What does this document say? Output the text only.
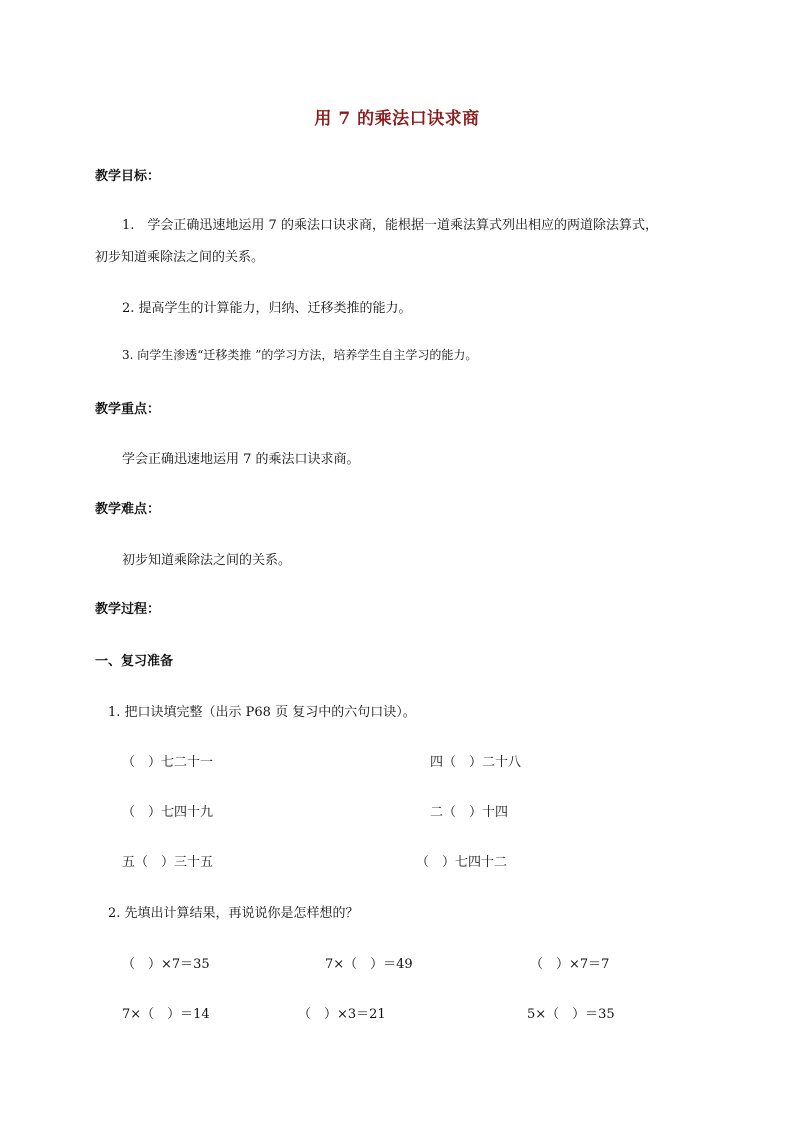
用 7 的乘法口诀求商
教学目标：
1.　学会正确迅速地运用 7 的乘法口诀求商，能根据一道乘法算式列出相应的两道除法算式，
初步知道乘除法之间的关系。
2. 提高学生的计算能力，归纳、迁移类推的能力。
3. 向学生渗透“迁移类推 ”的学习方法，培养学生自主学习的能力。
教学重点：
学会正确迅速地运用 7 的乘法口诀求商。
教学难点：
初步知道乘除法之间的关系。
教学过程：
一、复习准备
1. 把口诀填完整（出示 P68 页 复习中的六句口诀）。
（　）七二十一	四（　）二十八
（　）七四十九	二（　）十四
五（　）三十五	（　）七四十二
2. 先填出计算结果，再说说你是怎样想的？
（　）×7＝35	7×（　）＝49	（　）×7＝7
7×（　）＝14	（　）×3＝21	5×（　）＝35
